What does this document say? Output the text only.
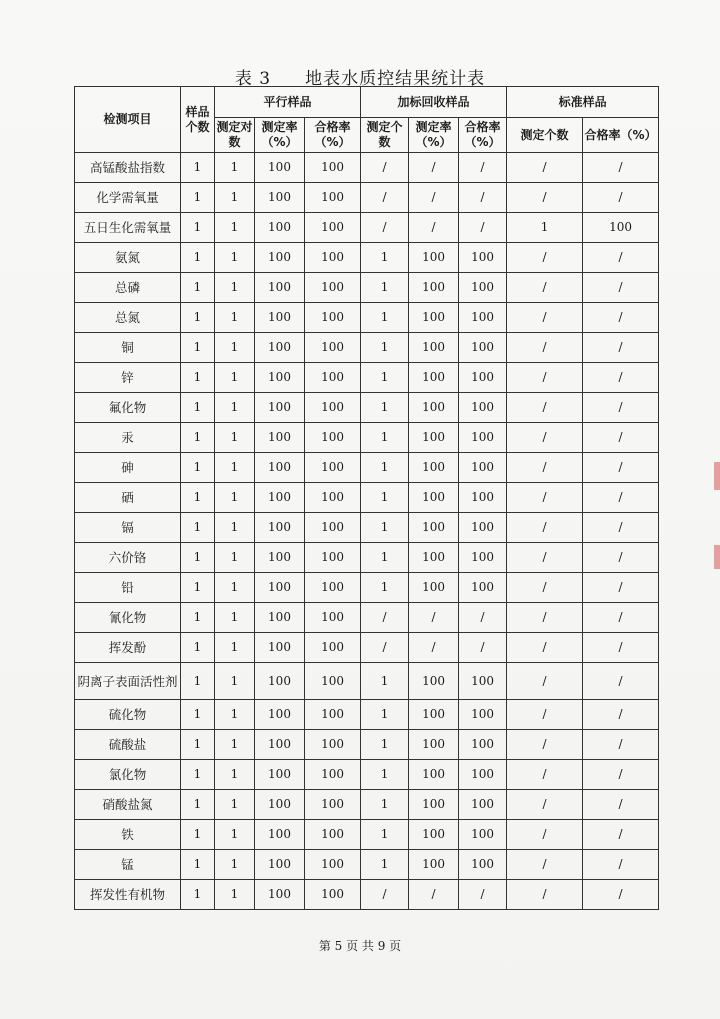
表 3 地表水质控结果统计表
检测项目	样品个数	平行样品			加标回收样品			标准样品	
		测定对数	测定率（%）	合格率（%）	测定个数	测定率（%）	合格率（%）	测定个数	合格率（%）
高锰酸盐指数	1	1	100	100	/	/	/	/	/
化学需氧量	1	1	100	100	/	/	/	/	/
五日生化需氧量	1	1	100	100	/	/	/	1	100
氨氮	1	1	100	100	1	100	100	/	/
总磷	1	1	100	100	1	100	100	/	/
总氮	1	1	100	100	1	100	100	/	/
铜	1	1	100	100	1	100	100	/	/
锌	1	1	100	100	1	100	100	/	/
氟化物	1	1	100	100	1	100	100	/	/
汞	1	1	100	100	1	100	100	/	/
砷	1	1	100	100	1	100	100	/	/
硒	1	1	100	100	1	100	100	/	/
镉	1	1	100	100	1	100	100	/	/
六价铬	1	1	100	100	1	100	100	/	/
铅	1	1	100	100	1	100	100	/	/
氰化物	1	1	100	100	/	/	/	/	/
挥发酚	1	1	100	100	/	/	/	/	/
阴离子表面活性剂	1	1	100	100	1	100	100	/	/
硫化物	1	1	100	100	1	100	100	/	/
硫酸盐	1	1	100	100	1	100	100	/	/
氯化物	1	1	100	100	1	100	100	/	/
硝酸盐氮	1	1	100	100	1	100	100	/	/
铁	1	1	100	100	1	100	100	/	/
锰	1	1	100	100	1	100	100	/	/
挥发性有机物	1	1	100	100	/	/	/	/	/
第 5 页 共 9 页
